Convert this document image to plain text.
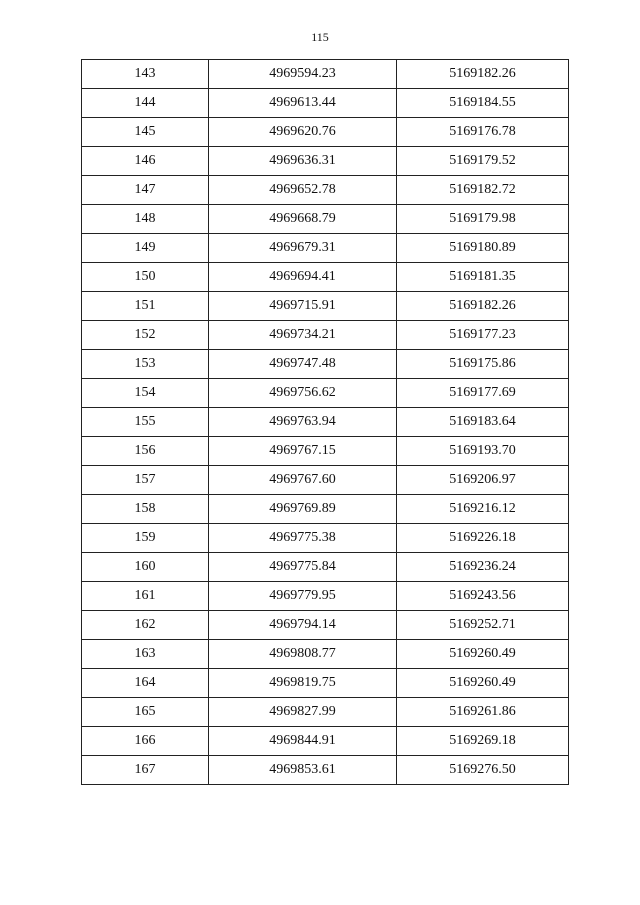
115
143	4969594.23	5169182.26
144	4969613.44	5169184.55
145	4969620.76	5169176.78
146	4969636.31	5169179.52
147	4969652.78	5169182.72
148	4969668.79	5169179.98
149	4969679.31	5169180.89
150	4969694.41	5169181.35
151	4969715.91	5169182.26
152	4969734.21	5169177.23
153	4969747.48	5169175.86
154	4969756.62	5169177.69
155	4969763.94	5169183.64
156	4969767.15	5169193.70
157	4969767.60	5169206.97
158	4969769.89	5169216.12
159	4969775.38	5169226.18
160	4969775.84	5169236.24
161	4969779.95	5169243.56
162	4969794.14	5169252.71
163	4969808.77	5169260.49
164	4969819.75	5169260.49
165	4969827.99	5169261.86
166	4969844.91	5169269.18
167	4969853.61	5169276.50
